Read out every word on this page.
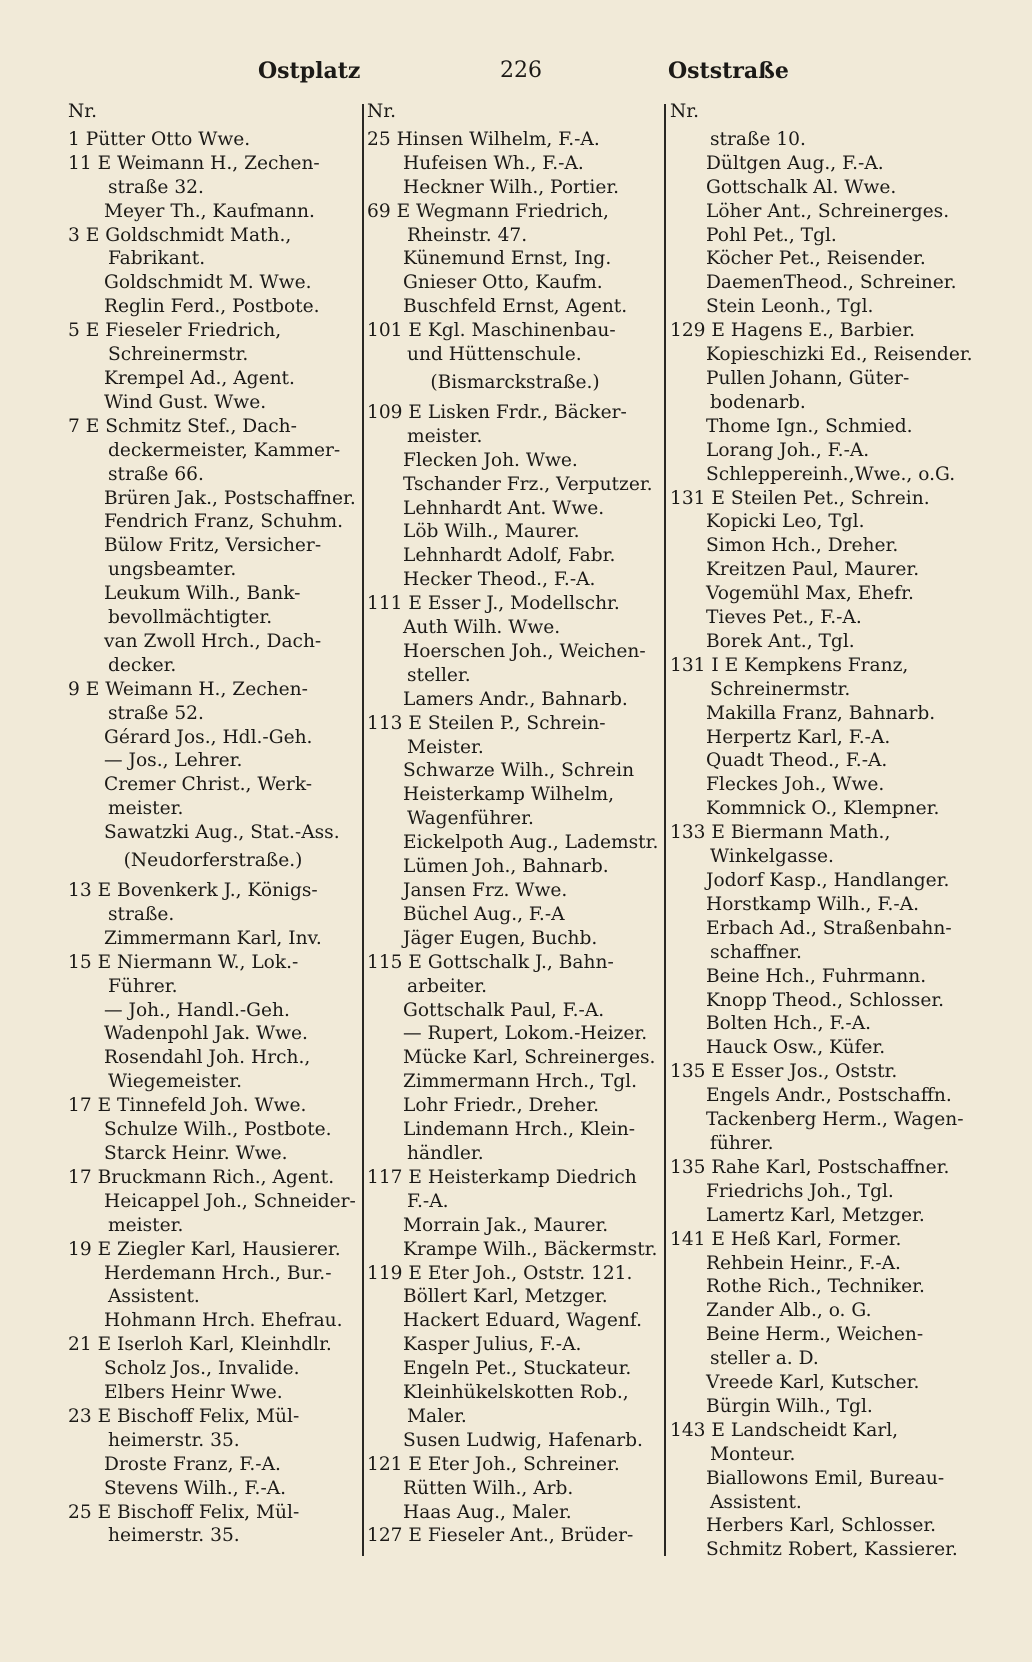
Ostplatz	226	Oststraße
Nr.
1 Pütter Otto Wwe.
11 E Weimann H., Zechen-
straße 32.
Meyer Th., Kaufmann.
3 E Goldschmidt Math.,
Fabrikant.
Goldschmidt M. Wwe.
Reglin Ferd., Postbote.
5 E Fieseler Friedrich,
Schreinermstr.
Krempel Ad., Agent.
Wind Gust. Wwe.
7 E Schmitz Stef., Dach-
deckermeister, Kammer-
straße 66.
Brüren Jak., Postschaffner.
Fendrich Franz, Schuhm.
Bülow Fritz, Versicher-
ungsbeamter.
Leukum Wilh., Bank-
bevollmächtigter.
van Zwoll Hrch., Dach-
decker.
9 E Weimann H., Zechen-
straße 52.
Gérard Jos., Hdl.-Geh.
— Jos., Lehrer.
Cremer Christ., Werk-
meister.
Sawatzki Aug., Stat.-Ass.
(Neudorferstraße.)
13 E Bovenkerk J., Königs-
straße.
Zimmermann Karl, Inv.
15 E Niermann W., Lok.-
Führer.
— Joh., Handl.-Geh.
Wadenpohl Jak. Wwe.
Rosendahl Joh. Hrch.,
Wiegemeister.
17 E Tinnefeld Joh. Wwe.
Schulze Wilh., Postbote.
Starck Heinr. Wwe.
17 Bruckmann Rich., Agent.
Heicappel Joh., Schneider-
meister.
19 E Ziegler Karl, Hausierer.
Herdemann Hrch., Bur.-
Assistent.
Hohmann Hrch. Ehefrau.
21 E Iserloh Karl, Kleinhdlr.
Scholz Jos., Invalide.
Elbers Heinr Wwe.
23 E Bischoff Felix, Mül-
heimerstr. 35.
Droste Franz, F.-A.
Stevens Wilh., F.-A.
25 E Bischoff Felix, Mül-
heimerstr. 35.
Nr.
25 Hinsen Wilhelm, F.-A.
Hufeisen Wh., F.-A.
Heckner Wilh., Portier.
69 E Wegmann Friedrich,
Rheinstr. 47.
Künemund Ernst, Ing.
Gnieser Otto, Kaufm.
Buschfeld Ernst, Agent.
101 E Kgl. Maschinenbau-
und Hüttenschule.
(Bismarckstraße.)
109 E Lisken Frdr., Bäcker-
meister.
Flecken Joh. Wwe.
Tschander Frz., Verputzer.
Lehnhardt Ant. Wwe.
Löb Wilh., Maurer.
Lehnhardt Adolf, Fabr.
Hecker Theod., F.-A.
111 E Esser J., Modellschr.
Auth Wilh. Wwe.
Hoerschen Joh., Weichen-
steller.
Lamers Andr., Bahnarb.
113 E Steilen P., Schrein-
Meister.
Schwarze Wilh., Schrein
Heisterkamp Wilhelm,
Wagenführer.
Eickelpoth Aug., Lademstr.
Lümen Joh., Bahnarb.
Jansen Frz. Wwe.
Büchel Aug., F.-A
Jäger Eugen, Buchb.
115 E Gottschalk J., Bahn-
arbeiter.
Gottschalk Paul, F.-A.
— Rupert, Lokom.-Heizer.
Mücke Karl, Schreinerges.
Zimmermann Hrch., Tgl.
Lohr Friedr., Dreher.
Lindemann Hrch., Klein-
händler.
117 E Heisterkamp Diedrich
F.-A.
Morrain Jak., Maurer.
Krampe Wilh., Bäckermstr.
119 E Eter Joh., Oststr. 121.
Böllert Karl, Metzger.
Hackert Eduard, Wagenf.
Kasper Julius, F.-A.
Engeln Pet., Stuckateur.
Kleinhükelskotten Rob.,
Maler.
Susen Ludwig, Hafenarb.
121 E Eter Joh., Schreiner.
Rütten Wilh., Arb.
Haas Aug., Maler.
127 E Fieseler Ant., Brüder-
Nr.
straße 10.
Dültgen Aug., F.-A.
Gottschalk Al. Wwe.
Löher Ant., Schreinerges.
Pohl Pet., Tgl.
Köcher Pet., Reisender.
DaemenTheod., Schreiner.
Stein Leonh., Tgl.
129 E Hagens E., Barbier.
Kopieschizki Ed., Reisender.
Pullen Johann, Güter-
bodenarb.
Thome Ign., Schmied.
Lorang Joh., F.-A.
Schleppereinh.,Wwe., o.G.
131 E Steilen Pet., Schrein.
Kopicki Leo, Tgl.
Simon Hch., Dreher.
Kreitzen Paul, Maurer.
Vogemühl Max, Ehefr.
Tieves Pet., F.-A.
Borek Ant., Tgl.
131 I E Kempkens Franz,
Schreinermstr.
Makilla Franz, Bahnarb.
Herpertz Karl, F.-A.
Quadt Theod., F.-A.
Fleckes Joh., Wwe.
Kommnick O., Klempner.
133 E Biermann Math.,
Winkelgasse.
Jodorf Kasp., Handlanger.
Horstkamp Wilh., F.-A.
Erbach Ad., Straßenbahn-
schaffner.
Beine Hch., Fuhrmann.
Knopp Theod., Schlosser.
Bolten Hch., F.-A.
Hauck Osw., Küfer.
135 E Esser Jos., Oststr.
Engels Andr., Postschaffn.
Tackenberg Herm., Wagen-
führer.
135 Rahe Karl, Postschaffner.
Friedrichs Joh., Tgl.
Lamertz Karl, Metzger.
141 E Heß Karl, Former.
Rehbein Heinr., F.-A.
Rothe Rich., Techniker.
Zander Alb., o. G.
Beine Herm., Weichen-
steller a. D.
Vreede Karl, Kutscher.
Bürgin Wilh., Tgl.
143 E Landscheidt Karl,
Monteur.
Biallowons Emil, Bureau-
Assistent.
Herbers Karl, Schlosser.
Schmitz Robert, Kassierer.
